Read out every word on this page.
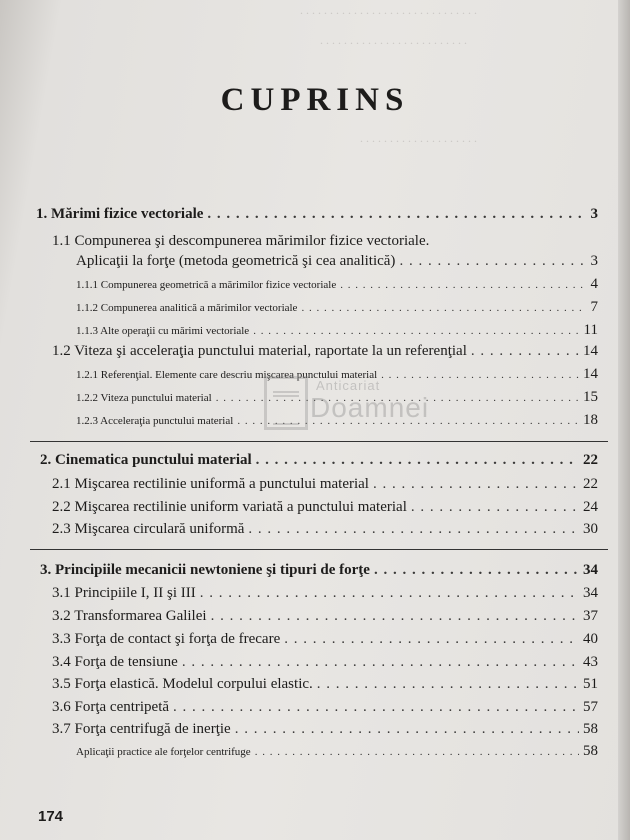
. . . . . . . . . . . . . . . . . . . . . . . . . . . . . .
. . . . . . . . . . . . . . . . . . . . . . . . .
. . . . . . . . . . . . . . . . . . . .
CUPRINS
1. Mărimi fizice vectoriale . . .	3
1.1 Compunerea şi descompunerea mărimilor fizice vectoriale.
Aplicaţii la forţe (metoda geometrică şi cea analitică) . . .	3
1.1.1 Compunerea geometrică a mărimilor fizice vectoriale . . .	4
1.1.2 Compunerea analitică a mărimilor vectoriale . . .	7
1.1.3 Alte operaţii cu mărimi vectoriale . . .	11
1.2 Viteza şi acceleraţia punctului material, raportate la un referenţial . . .	14
1.2.1 Referenţial. Elemente care descriu mişcarea punctului material . . .	14
1.2.2 Viteza punctului material . . .	15
1.2.3 Acceleraţia punctului material . . .	18
2. Cinematica punctului material . . .	22
2.1 Mişcarea rectilinie uniformă a punctului material . . .	22
2.2 Mişcarea rectilinie uniform variată a punctului material . . .	24
2.3 Mişcarea circulară uniformă . . .	30
3. Principiile mecanicii newtoniene şi tipuri de forţe . . .	34
3.1 Principiile I, II şi III . . .	34
3.2 Transformarea Galilei . . .	37
3.3 Forţa de contact şi forţa de frecare . . .	40
3.4 Forţa de tensiune . . .	43
3.5 Forţa elastică. Modelul corpului elastic. . . .	51
3.6 Forţa centripetă . . .	57
3.7 Forţa centrifugă de inerţie . . .	58
Aplicaţii practice ale forţelor centrifuge . . .	58
Anticariat
Doamnei
174
